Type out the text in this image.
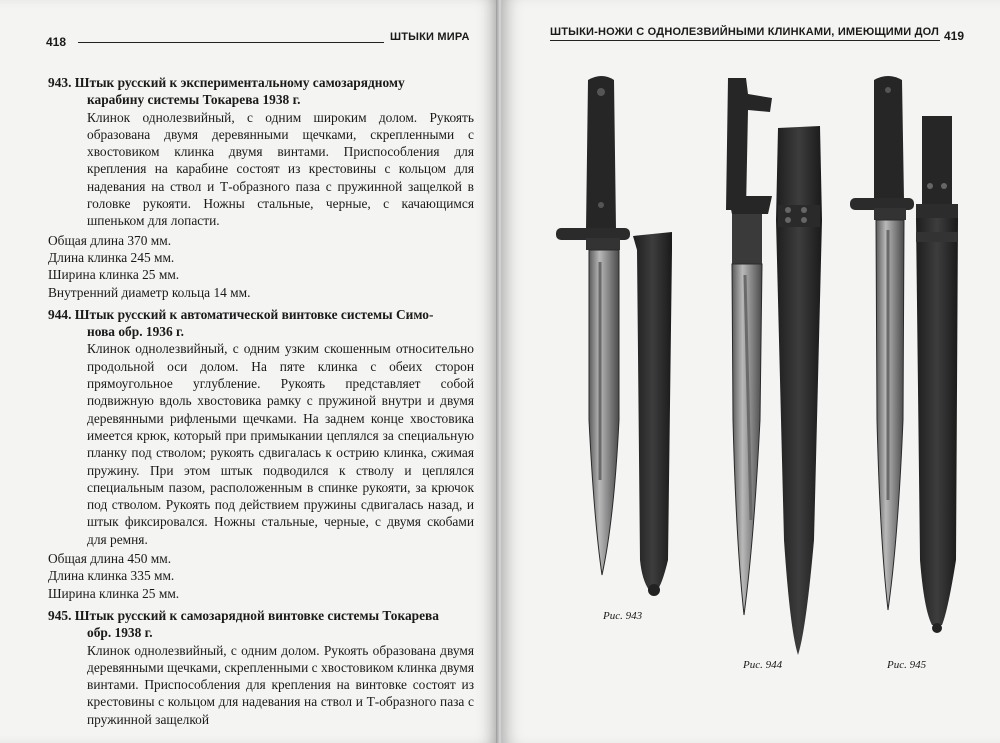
418	ШТЫКИ МИРА
943. Штык русский к экспериментальному самозарядному
карабину системы Токарева 1938 г.

Клинок однолезвийный, с одним широким долом. Рукоять образована двумя деревянными щечками, скрепленными с хвостовиком клинка двумя винтами. Приспособления для крепления на карабине состоят из крестовины с кольцом для надевания на ствол и Т-образного паза с пружинной защелкой в головке рукояти. Ножны стальные, черные, с качающимся шпеньком для лопасти.

Общая длина 370 мм.
Длина клинка 245 мм.
Ширина клинка 25 мм.
Внутренний диаметр кольца 14 мм.
944. Штык русский к автоматической винтовке системы Симо-
нова обр. 1936 г.

Клинок однолезвийный, с одним узким скошенным относительно продольной оси долом. На пяте клинка с обеих сторон прямоугольное углубление. Рукоять представляет собой подвижную вдоль хвостовика рамку с пружиной внутри и двумя деревянными рифлеными щечками. На заднем конце хвостовика имеется крюк, который при примыкании цеплялся за специальную планку под стволом; рукоять сдвигалась к острию клинка, сжимая пружину. При этом штык подводился к стволу и цеплялся специальным пазом, расположенным в спинке рукояти, за крючок под стволом. Рукоять под действием пружины сдвигалась назад, и штык фиксировался. Ножны стальные, черные, с двумя скобами для ремня.

Общая длина 450 мм.
Длина клинка 335 мм.
Ширина клинка 25 мм.
945. Штык русский к самозарядной винтовке системы Токарева
обр. 1938 г.

Клинок однолезвийный, с одним долом. Рукоять образована двумя деревянными щечками, скрепленными с хвостовиком клинка двумя винтами. Приспособления для крепления на винтовке состоят из крестовины с кольцом для надевания на ствол и Т-образного паза с пружинной защелкой

ШТЫКИ-НОЖИ С ОДНОЛЕЗВИЙНЫМИ КЛИНКАМИ, ИМЕЮЩИМИ ДОЛ 419
Рис. 943
Рис. 944	Рис. 945
